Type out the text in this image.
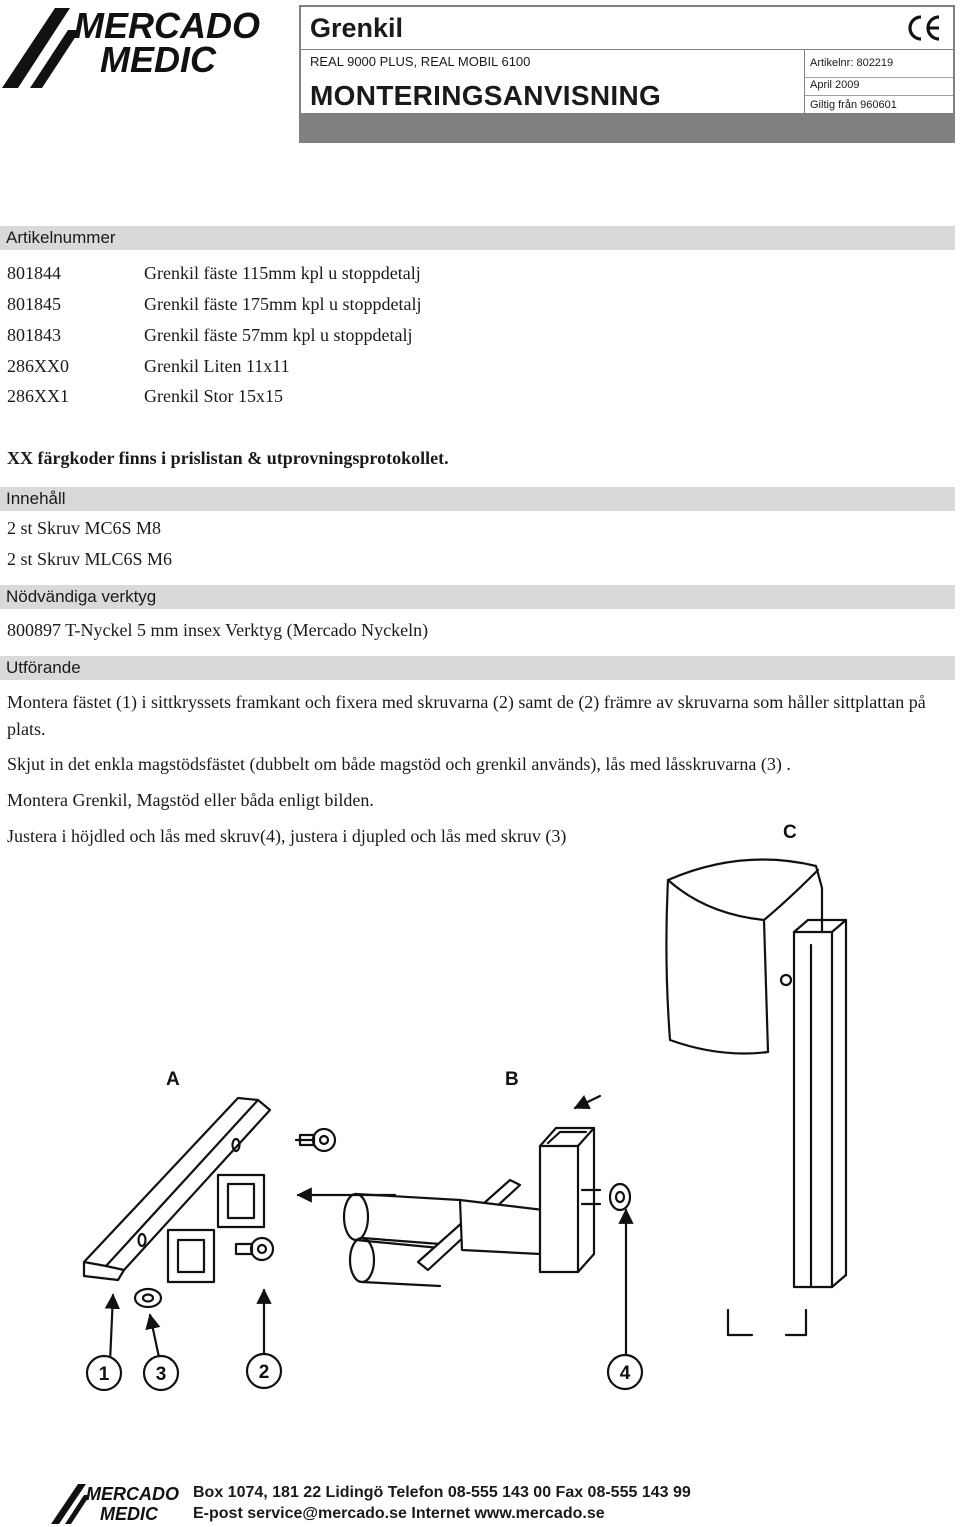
MERCADO
MEDIC
Grenkil
REAL 9000 PLUS, REAL MOBIL 6100
MONTERINGSANVISNING
Artikelnr: 802219
April 2009
Giltig från 960601
Artikelnummer
801844	Grenkil fäste 115mm kpl u stoppdetalj
801845	Grenkil fäste 175mm kpl u stoppdetalj
801843	Grenkil fäste 57mm kpl u stoppdetalj
286XX0	Grenkil Liten 11x11
286XX1	Grenkil Stor 15x15
XX färgkoder finns i prislistan & utprovningsprotokollet.
Innehåll
2 st Skruv MC6S M8
2 st Skruv MLC6S M6
Nödvändiga verktyg
800897 T-Nyckel 5 mm insex Verktyg (Mercado Nyckeln)
Utförande
Montera fästet (1) i sittkryssets framkant och fixera med skruvarna (2) samt de (2) främre av skruvarna som håller sittplattan på plats.
Skjut in det enkla magstödsfästet (dubbelt om både magstöd och grenkil används), lås med låsskruvarna (3) .
Montera Grenkil, Magstöd eller båda enligt bilden.
Justera i höjdled och lås med skruv(4), justera i djupled och lås med skruv (3)	C
A	B
1 3	2	4
MERCADO
MEDIC
Box 1074, 181 22 Lidingö Telefon 08-555 143 00 Fax 08-555 143 99
E-post service@mercado.se Internet www.mercado.se
